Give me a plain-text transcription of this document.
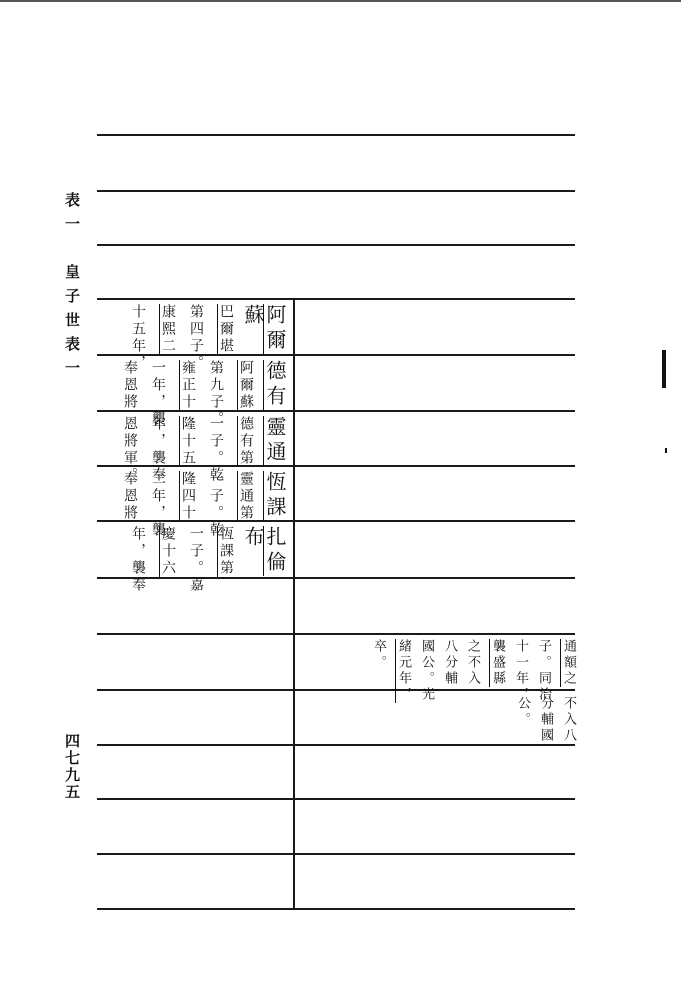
表一　皇子世表一
四七九五
阿爾
蘇
巴爾堪
第四子。
康熙二
十五年，
德有
阿爾蘇
第九子。
雍正十
一年，襲
奉恩將
靈通
德有第
一子。乾
隆十五
年，襲奉
恩將軍。
恆課
靈通第
一子。乾
隆四十
二年，襲
奉恩將
扎倫
布
恆課第
一子。嘉
慶十六
年，襲奉
通額之
子。同治
十一年，
襲盛縣
之不入
八分輔
國公。光
緒元年，
卒。
不入八
分輔國
公。
